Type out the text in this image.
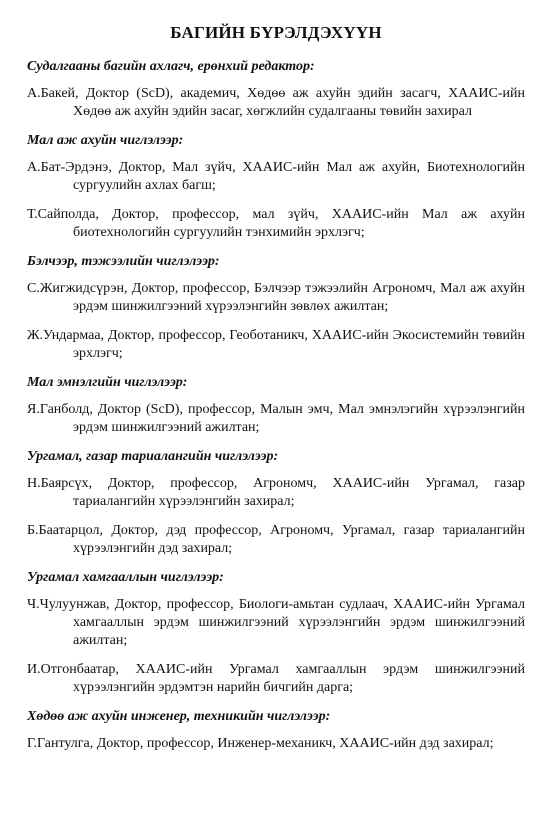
БАГИЙН БҮРЭЛДЭХҮҮН
Судалгааны багийн ахлагч, ерөнхий редактор:
А.Бакей, Доктор (ScD), академич, Хөдөө аж ахуйн эдийн засагч, ХААИС-ийн Хөдөө аж ахуйн эдийн засаг, хөгжлийн судалгааны төвийн захирал
Мал аж ахуйн чиглэлээр:
А.Бат-Эрдэнэ, Доктор, Мал зүйч, ХААИС-ийн Мал аж ахуйн, Биотехнологийн сургуулийн ахлах багш;
Т.Сайполда, Доктор, профессор, мал зүйч, ХААИС-ийн Мал аж ахуйн биотехнологийн сургуулийн тэнхимийн эрхлэгч;
Бэлчээр, тэжээлийн чиглэлээр:
С.Жигжидсүрэн, Доктор, профессор, Бэлчээр тэжээлийн Агрономч, Мал аж ахуйн эрдэм шинжилгээний хүрээлэнгийн зөвлөх ажилтан;
Ж.Ундармаа, Доктор, профессор, Геоботаникч, ХААИС-ийн Экосистемийн төвийн эрхлэгч;
Мал эмнэлгийн чиглэлээр:
Я.Ганболд, Доктор (ScD), профессор, Малын эмч, Мал эмнэлэгийн хүрээлэнгийн эрдэм шинжилгээний ажилтан;
Ургамал, газар тариалангийн чиглэлээр:
Н.Баярсүх, Доктор, профессор, Агрономч, ХААИС-ийн Ургамал, газар тариалангийн хүрээлэнгийн захирал;
Б.Баатарцол, Доктор, дэд профессор, Агрономч, Ургамал, газар тариалангийн хүрээлэнгийн дэд захирал;
Ургамал хамгааллын чиглэлээр:
Ч.Чулуунжав, Доктор, профессор, Биологи-амьтан судлаач, ХААИС-ийн Ургамал хамгааллын эрдэм шинжилгээний хүрээлэнгийн эрдэм шинжилгээний ажилтан;
И.Отгонбаатар, ХААИС-ийн Ургамал хамгааллын эрдэм шинжилгээний хүрээлэнгийн эрдэмтэн нарийн бичгийн дарга;
Хөдөө аж ахуйн инженер, техникийн чиглэлээр:
Г.Гантулга, Доктор, профессор, Инженер-механикч, ХААИС-ийн дэд захирал;
